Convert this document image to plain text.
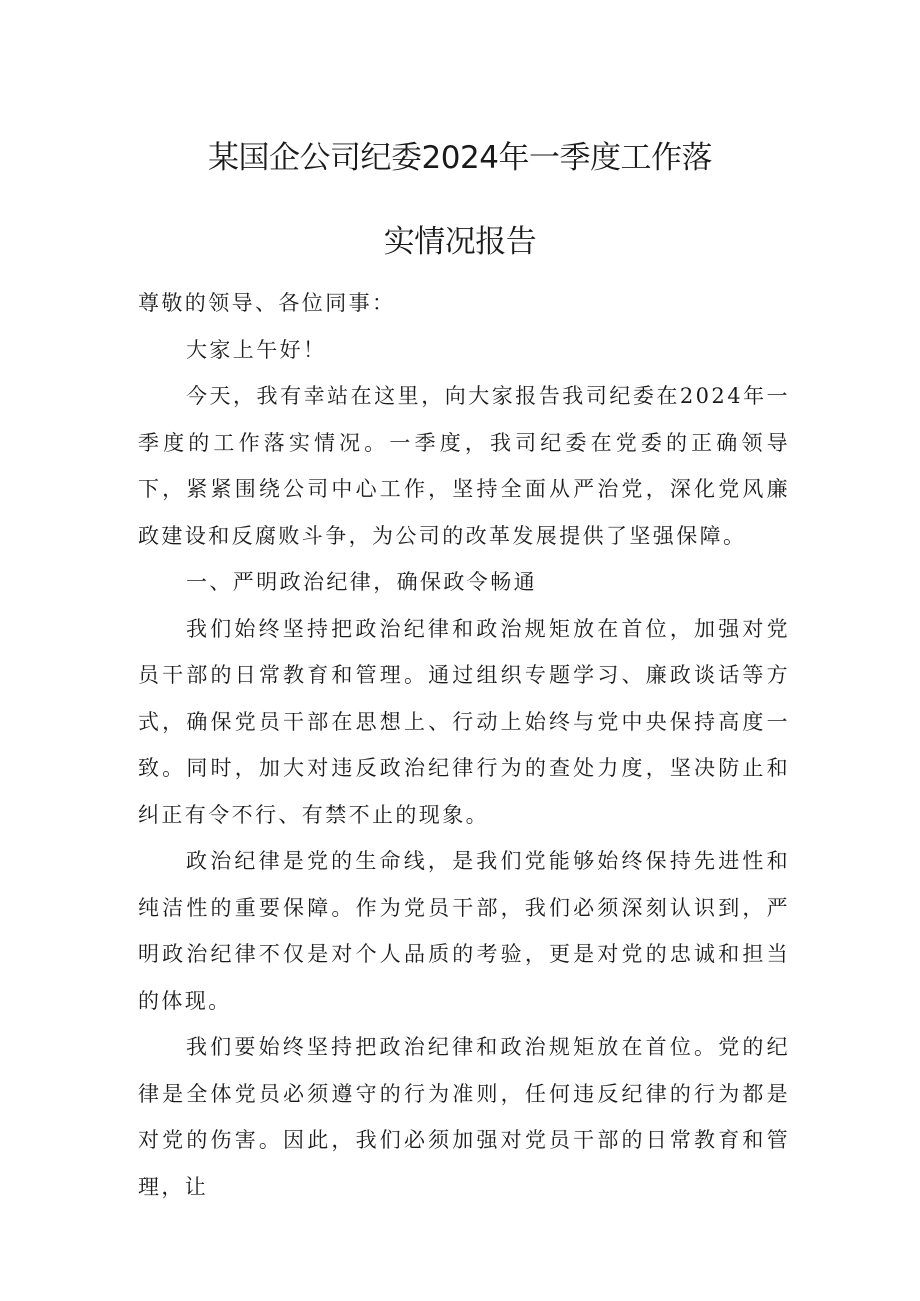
某国企公司纪委2024年一季度工作落
实情况报告

尊敬的领导、各位同事：

大家上午好！

今天，我有幸站在这里，向大家报告我司纪委在2024年一季度的工作落实情况。一季度，我司纪委在党委的正确领导下，紧紧围绕公司中心工作，坚持全面从严治党，深化党风廉政建设和反腐败斗争，为公司的改革发展提供了坚强保障。

一、严明政治纪律，确保政令畅通

我们始终坚持把政治纪律和政治规矩放在首位，加强对党员干部的日常教育和管理。通过组织专题学习、廉政谈话等方式，确保党员干部在思想上、行动上始终与党中央保持高度一致。同时，加大对违反政治纪律行为的查处力度，坚决防止和纠正有令不行、有禁不止的现象。

政治纪律是党的生命线，是我们党能够始终保持先进性和纯洁性的重要保障。作为党员干部，我们必须深刻认识到，严明政治纪律不仅是对个人品质的考验，更是对党的忠诚和担当的体现。

我们要始终坚持把政治纪律和政治规矩放在首位。党的纪律是全体党员必须遵守的行为准则，任何违反纪律的行为都是对党的伤害。因此，我们必须加强对党员干部的日常教育和管理，让
